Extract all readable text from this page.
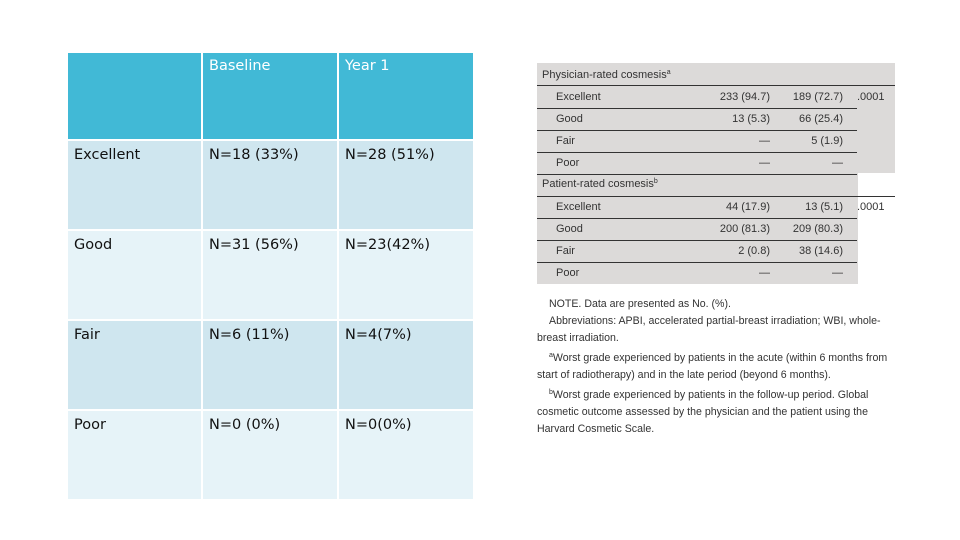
	Baseline	Year 1
Excellent	N=18 (33%)	N=28 (51%)
Good	N=31 (56%)	N=23(42%)
Fair	N=6 (11%)	N=4(7%)
Poor	N=0 (0%)	N=0(0%)
Physician-rated cosmesis$^a$
Excellent	233 (94.7)	189 (72.7) .0001
Good	13 (5.3)	66 (25.4)
Fair	—	5 (1.9)
Poor	—	—
Patient-rated cosmesis$^b$
Excellent	44 (17.9)	13 (5.1) .0001
Good	200 (81.3)	209 (80.3)
Fair	2 (0.8)	38 (14.6)
Poor	—	—
NOTE. Data are presented as No. (%).
Abbreviations: APBI, accelerated partial-breast irradiation; WBI, whole-breast irradiation.
$^a$Worst grade experienced by patients in the acute (within 6 months from start of radiotherapy) and in the late period (beyond 6 months).
$^b$Worst grade experienced by patients in the follow-up period. Global cosmetic outcome assessed by the physician and the patient using the Harvard Cosmetic Scale.
